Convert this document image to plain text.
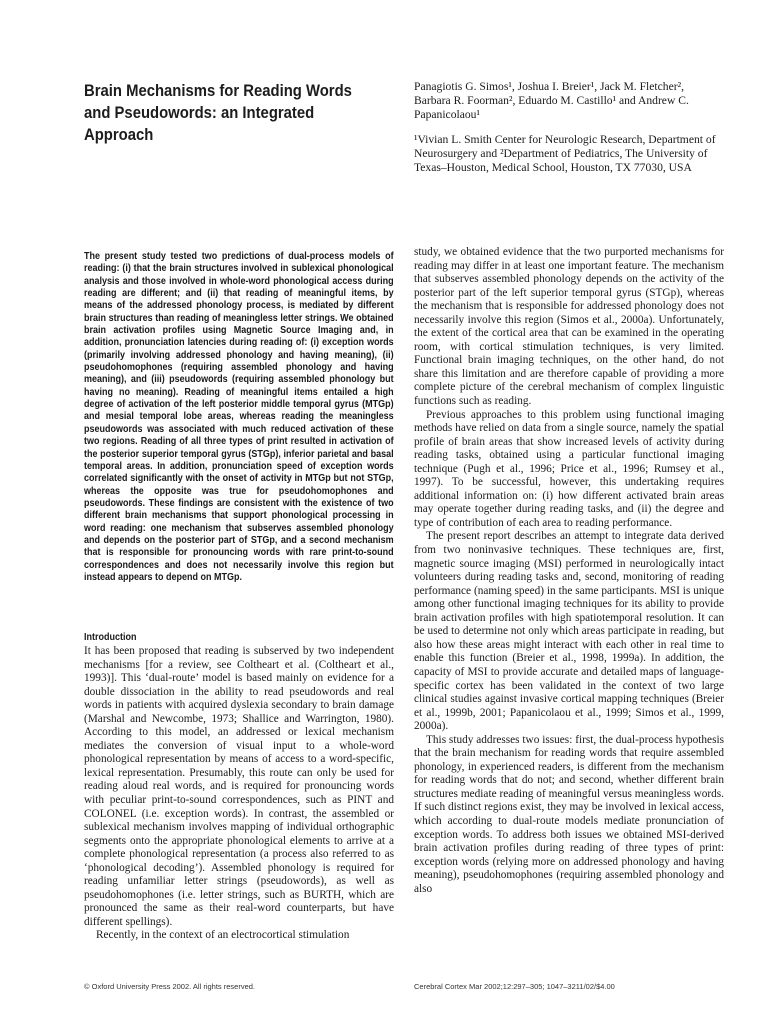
Brain Mechanisms for Reading Words and Pseudowords: an Integrated Approach
Panagiotis G. Simos¹, Joshua I. Breier¹, Jack M. Fletcher², Barbara R. Foorman², Eduardo M. Castillo¹ and Andrew C. Papanicolaou¹
¹Vivian L. Smith Center for Neurologic Research, Department of Neurosurgery and ²Department of Pediatrics, The University of Texas–Houston, Medical School, Houston, TX 77030, USA
The present study tested two predictions of dual-process models of reading: (i) that the brain structures involved in sublexical phonological analysis and those involved in whole-word phonological access during reading are different; and (ii) that reading of meaningful items, by means of the addressed phonology process, is mediated by different brain structures than reading of meaningless letter strings. We obtained brain activation profiles using Magnetic Source Imaging and, in addition, pronunciation latencies during reading of: (i) exception words (primarily involving addressed phonology and having meaning), (ii) pseudohomophones (requiring assembled phonology and having meaning), and (iii) pseudowords (requiring assembled phonology but having no meaning). Reading of meaningful items entailed a high degree of activation of the left posterior middle temporal gyrus (MTGp) and mesial temporal lobe areas, whereas reading the meaningless pseudowords was associated with much reduced activation of these two regions. Reading of all three types of print resulted in activation of the posterior superior temporal gyrus (STGp), inferior parietal and basal temporal areas. In addition, pronunciation speed of exception words correlated significantly with the onset of activity in MTGp but not STGp, whereas the opposite was true for pseudohomophones and pseudowords. These findings are consistent with the existence of two different brain mechanisms that support phonological processing in word reading: one mechanism that subserves assembled phonology and depends on the posterior part of STGp, and a second mechanism that is responsible for pronouncing words with rare print-to-sound correspondences and does not necessarily involve this region but instead appears to depend on MTGp.
Introduction

It has been proposed that reading is subserved by two independent mechanisms [for a review, see Coltheart et al. (Coltheart et al., 1993)]. This ‘dual-route’ model is based mainly on evidence for a double dissociation in the ability to read pseudowords and real words in patients with acquired dyslexia secondary to brain damage (Marshal and Newcombe, 1973; Shallice and Warrington, 1980). According to this model, an addressed or lexical mechanism mediates the conversion of visual input to a whole-word phonological representation by means of access to a word-specific, lexical representation. Presumably, this route can only be used for reading aloud real words, and is required for pronouncing words with peculiar print-to-sound correspondences, such as PINT and COLONEL (i.e. exception words). In contrast, the assembled or sublexical mechanism involves mapping of individual orthographic segments onto the appropriate phonological elements to arrive at a complete phonological representation (a process also referred to as ‘phonological decoding’). Assembled phonology is required for reading unfamiliar letter strings (pseudowords), as well as pseudohomophones (i.e. letter strings, such as BURTH, which are pronounced the same as their real-word counterparts, but have different spellings).

Recently, in the context of an electrocortical stimulation

study, we obtained evidence that the two purported mechanisms for reading may differ in at least one important feature. The mechanism that subserves assembled phonology depends on the activity of the posterior part of the left superior temporal gyrus (STGp), whereas the mechanism that is responsible for addressed phonology does not necessarily involve this region (Simos et al., 2000a). Unfortunately, the extent of the cortical area that can be examined in the operating room, with cortical stimulation techniques, is very limited. Functional brain imaging techniques, on the other hand, do not share this limitation and are therefore capable of providing a more complete picture of the cerebral mechanism of complex linguistic functions such as reading.

Previous approaches to this problem using functional imaging methods have relied on data from a single source, namely the spatial profile of brain areas that show increased levels of activity during reading tasks, obtained using a particular functional imaging technique (Pugh et al., 1996; Price et al., 1996; Rumsey et al., 1997). To be successful, however, this undertaking requires additional information on: (i) how different activated brain areas may operate together during reading tasks, and (ii) the degree and type of contribution of each area to reading performance.

The present report describes an attempt to integrate data derived from two noninvasive techniques. These techniques are, first, magnetic source imaging (MSI) performed in neurologically intact volunteers during reading tasks and, second, monitoring of reading performance (naming speed) in the same participants. MSI is unique among other functional imaging techniques for its ability to provide brain activation profiles with high spatiotemporal resolution. It can be used to determine not only which areas participate in reading, but also how these areas might interact with each other in real time to enable this function (Breier et al., 1998, 1999a). In addition, the capacity of MSI to provide accurate and detailed maps of language-specific cortex has been validated in the context of two large clinical studies against invasive cortical mapping techniques (Breier et al., 1999b, 2001; Papanicolaou et al., 1999; Simos et al., 1999, 2000a).

This study addresses two issues: first, the dual-process hypothesis that the brain mechanism for reading words that require assembled phonology, in experienced readers, is different from the mechanism for reading words that do not; and second, whether different brain structures mediate reading of meaningful versus meaningless words. If such distinct regions exist, they may be involved in lexical access, which according to dual-route models mediate pronunciation of exception words. To address both issues we obtained MSI-derived brain activation profiles during reading of three types of print: exception words (relying more on addressed phonology and having meaning), pseudohomophones (requiring assembled phonology and also

© Oxford University Press 2002. All rights reserved.	Cerebral Cortex Mar 2002;12:297–305; 1047–3211/02/$4.00
